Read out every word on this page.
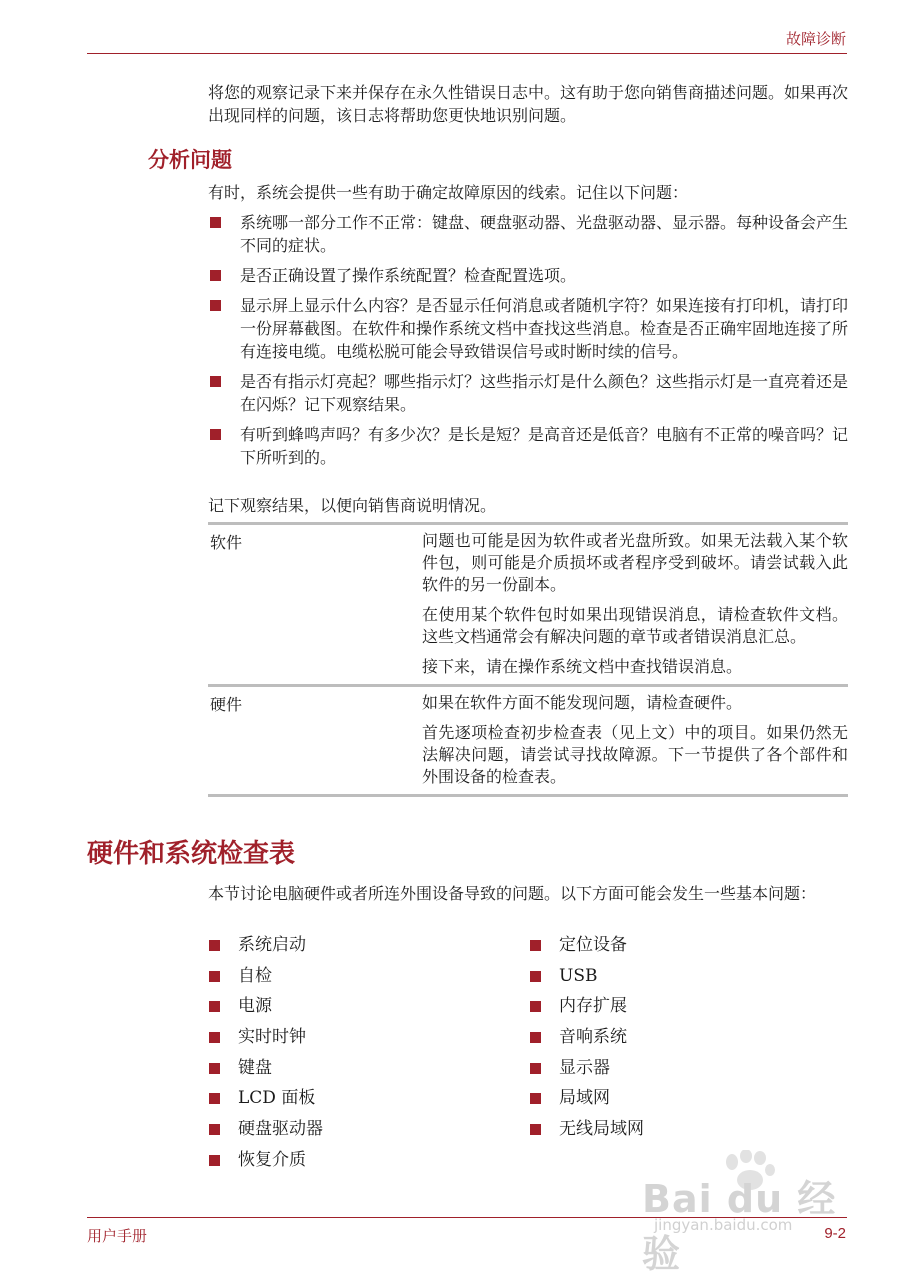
故障诊断
将您的观察记录下来并保存在永久性错误日志中。这有助于您向销售商描述问题。如果再次出现同样的问题，该日志将帮助您更快地识别问题。
分析问题
有时，系统会提供一些有助于确定故障原因的线索。记住以下问题：
系统哪一部分工作不正常：键盘、硬盘驱动器、光盘驱动器、显示器。每种设备会产生不同的症状。
是否正确设置了操作系统配置？检查配置选项。
显示屏上显示什么内容？是否显示任何消息或者随机字符？如果连接有打印机，请打印一份屏幕截图。在软件和操作系统文档中查找这些消息。检查是否正确牢固地连接了所有连接电缆。电缆松脱可能会导致错误信号或时断时续的信号。
是否有指示灯亮起？哪些指示灯？这些指示灯是什么颜色？这些指示灯是一直亮着还是在闪烁？记下观察结果。
有听到蜂鸣声吗？有多少次？是长是短？是高音还是低音？电脑有不正常的噪音吗？记下所听到的。
记下观察结果，以便向销售商说明情况。
软件	问题也可能是因为软件或者光盘所致。如果无法载入某个软件包，则可能是介质损坏或者程序受到破坏。请尝试载入此软件的另一份副本。

在使用某个软件包时如果出现错误消息，请检查软件文档。这些文档通常会有解决问题的章节或者错误消息汇总。

接下来，请在操作系统文档中查找错误消息。

硬件	如果在软件方面不能发现问题，请检查硬件。

首先逐项检查初步检查表（见上文）中的项目。如果仍然无法解决问题，请尝试寻找故障源。下一节提供了各个部件和外围设备的检查表。

硬件和系统检查表
本节讨论电脑硬件或者所连外围设备导致的问题。以下方面可能会发生一些基本问题：
系统启动
自检
电源
实时时钟
键盘
LCD 面板
硬盘驱动器
恢复介质
定位设备
USB
内存扩展
音响系统
显示器
局域网
无线局域网
Bai du 经验
jingyan.baidu.com
用户手册	9-2
